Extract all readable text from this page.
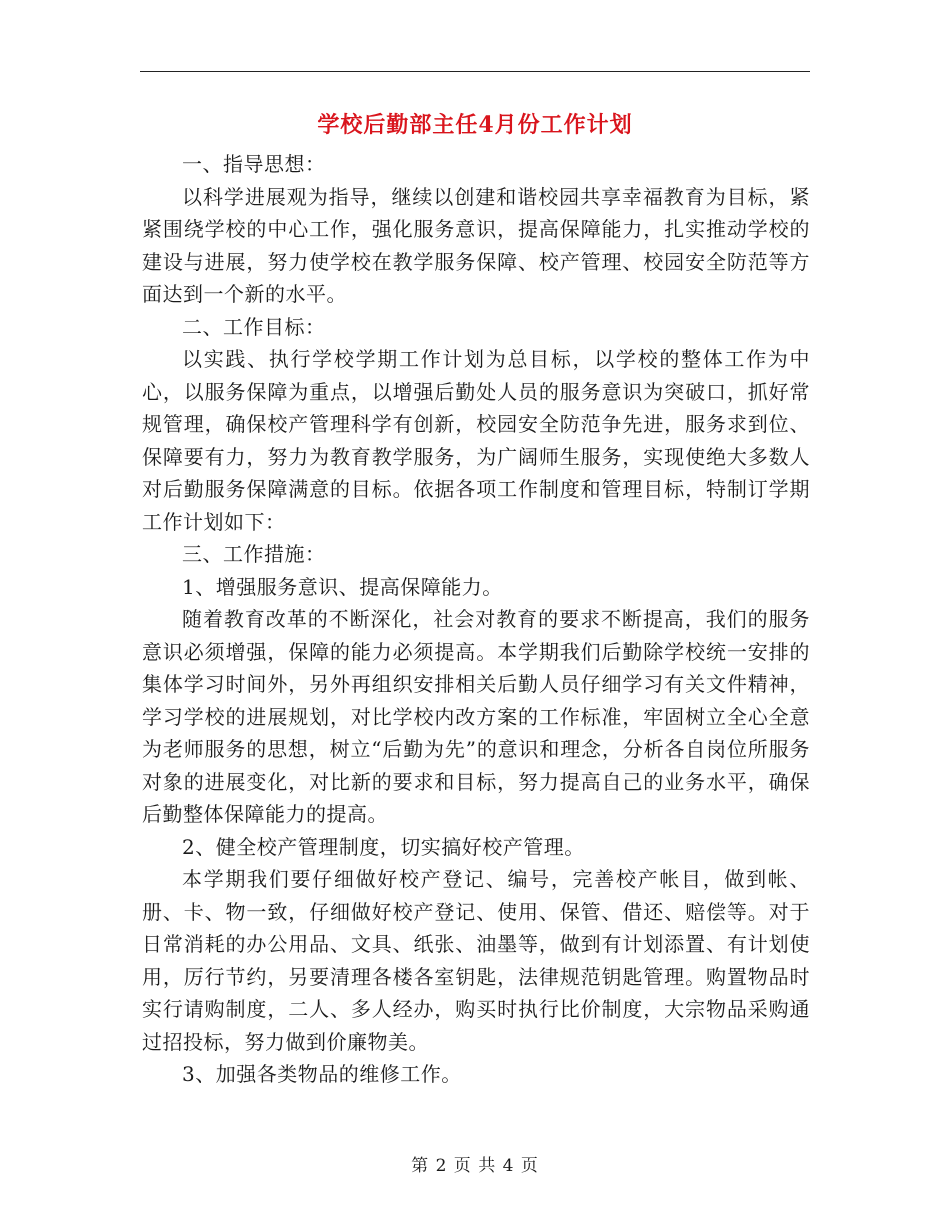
学校后勤部主任4月份工作计划

一、指导思想：

以科学进展观为指导，继续以创建和谐校园共享幸福教育为目标，紧紧围绕学校的中心工作，强化服务意识，提高保障能力，扎实推动学校的建设与进展，努力使学校在教学服务保障、校产管理、校园安全防范等方面达到一个新的水平。

二、工作目标：

以实践、执行学校学期工作计划为总目标，以学校的整体工作为中心，以服务保障为重点，以增强后勤处人员的服务意识为突破口，抓好常规管理，确保校产管理科学有创新，校园安全防范争先进，服务求到位、保障要有力，努力为教育教学服务，为广阔师生服务，实现使绝大多数人对后勤服务保障满意的目标。依据各项工作制度和管理目标，特制订学期工作计划如下：

三、工作措施：

1、增强服务意识、提高保障能力。

随着教育改革的不断深化，社会对教育的要求不断提高，我们的服务意识必须增强，保障的能力必须提高。本学期我们后勤除学校统一安排的集体学习时间外，另外再组织安排相关后勤人员仔细学习有关文件精神，学习学校的进展规划，对比学校内改方案的工作标准，牢固树立全心全意为老师服务的思想，树立“后勤为先”的意识和理念，分析各自岗位所服务对象的进展变化，对比新的要求和目标，努力提高自己的业务水平，确保后勤整体保障能力的提高。

2、健全校产管理制度，切实搞好校产管理。

本学期我们要仔细做好校产登记、编号，完善校产帐目，做到帐、册、卡、物一致，仔细做好校产登记、使用、保管、借还、赔偿等。对于日常消耗的办公用品、文具、纸张、油墨等，做到有计划添置、有计划使用，厉行节约，另要清理各楼各室钥匙，法律规范钥匙管理。购置物品时实行请购制度，二人、多人经办，购买时执行比价制度，大宗物品采购通过招投标，努力做到价廉物美。

3、加强各类物品的维修工作。

第 2 页 共 4 页
